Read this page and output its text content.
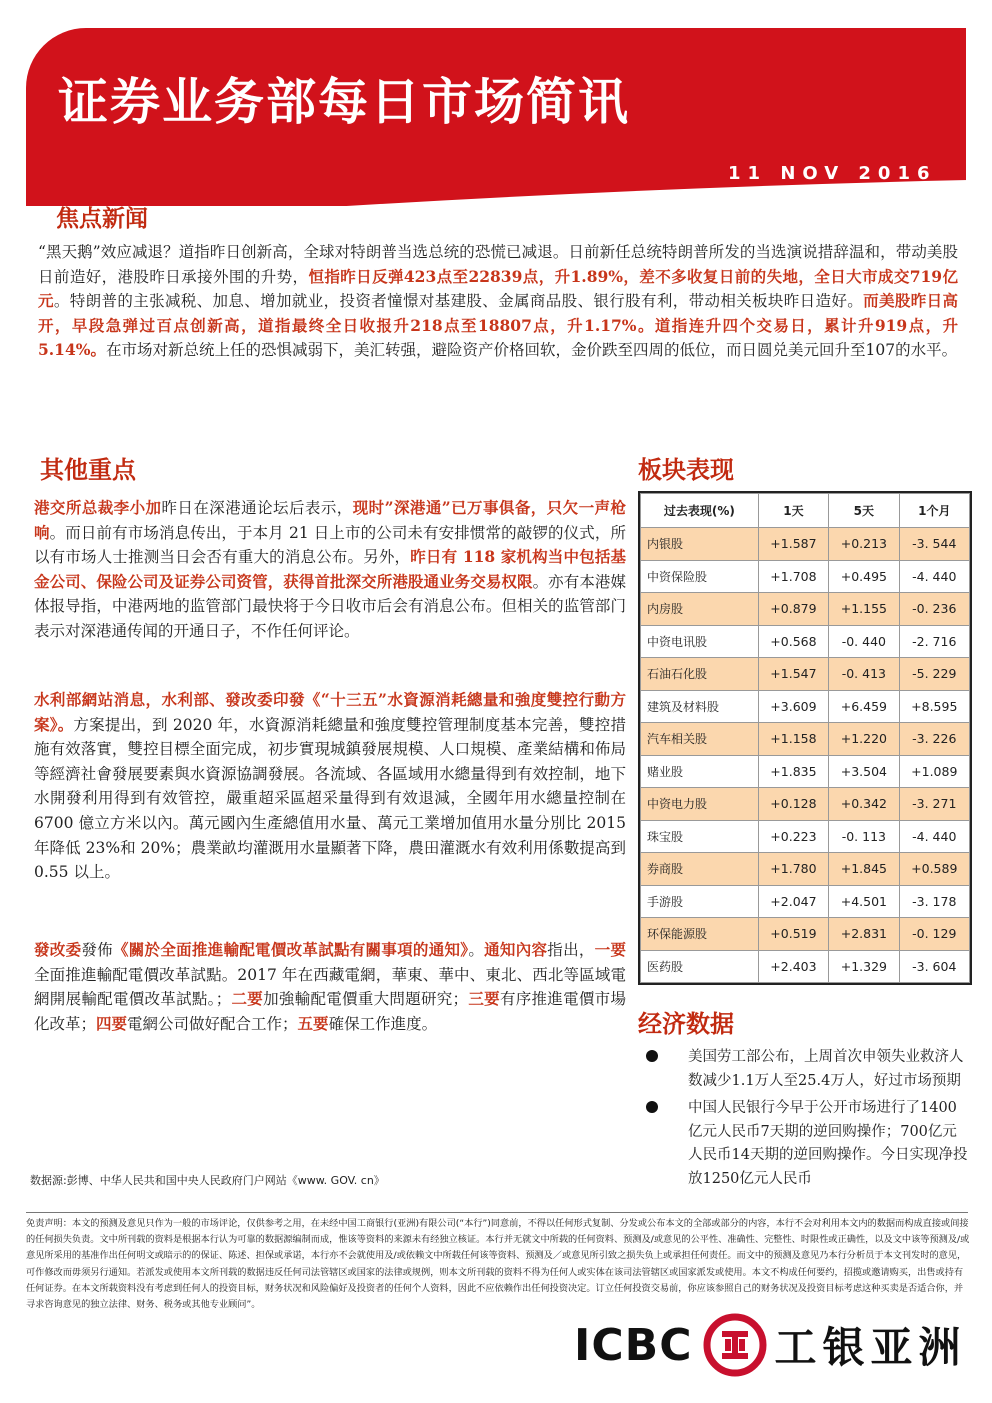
证券业务部每日市场简讯
11 NOV 2016
焦点新闻

“黑天鹅”效应减退？道指昨日创新高，全球对特朗普当选总统的恐慌已减退。日前新任总统特朗普所发的当选演说措辞温和，带动美股日前造好，港股昨日承接外围的升势，恒指昨日反弹423点至22839点，升1.89%，差不多收复日前的失地，全日大市成交719亿元。特朗普的主张减税、加息、增加就业，投资者憧憬对基建股、金属商品股、银行股有利，带动相关板块昨日造好。而美股昨日高开，早段急弹过百点创新高，道指最终全日收报升218点至18807点，升1.17%。道指连升四个交易日，累计升919点，升5.14%。在市场对新总统上任的恐惧减弱下，美汇转强，避险资产价格回软，金价跌至四周的低位，而日圆兑美元回升至107的水平。

其他重点

港交所总裁李小加昨日在深港通论坛后表示，现时”深港通”已万事俱备，只欠一声枪响。而日前有市场消息传出，于本月 21 日上市的公司未有安排惯常的敲锣的仪式，所以有市场人士推测当日会否有重大的消息公布。另外，昨日有 118 家机构当中包括基金公司、保险公司及证券公司资管，获得首批深交所港股通业务交易权限。亦有本港媒体报导指，中港两地的监管部门最快将于今日收市后会有消息公布。但相关的监管部门表示对深港通传闻的开通日子，不作任何评论。

水利部網站消息，水利部、發改委印發《“十三五”水資源消耗總量和強度雙控行動方案》。方案提出，到 2020 年，水資源消耗總量和強度雙控管理制度基本完善，雙控措施有效落實，雙控目標全面完成，初步實現城鎮發展規模、人口規模、產業結構和佈局等經濟社會發展要素與水資源協調發展。各流域、各區域用水總量得到有效控制，地下水開發利用得到有效管控，嚴重超采區超采量得到有效退減，全國年用水總量控制在 6700 億立方米以內。萬元國內生產總值用水量、萬元工業增加值用水量分別比 2015 年降低 23%和 20%；農業畝均灌溉用水量顯著下降，農田灌溉水有效利用係數提高到 0.55 以上。

發改委發佈《關於全面推進輸配電價改革試點有關事項的通知》。通知內容指出，一要全面推進輸配電價改革試點。2017 年在西藏電網，華東、華中、東北、西北等區域電網開展輸配電價改革試點。；二要加強輸配電價重大問題研究；三要有序推進電價市場化改革；四要電網公司做好配合工作；五要確保工作進度。

板块表现
过去表现(%)	1天	5天	1个月
内银股	+1.587	+0.213	-3. 544
中资保险股	+1.708	+0.495	-4. 440
内房股	+0.879	+1.155	-0. 236
中资电讯股	+0.568	-0. 440	-2. 716
石油石化股	+1.547	-0. 413	-5. 229
建筑及材料股	+3.609	+6.459	+8.595
汽车相关股	+1.158	+1.220	-3. 226
赌业股	+1.835	+3.504	+1.089
中资电力股	+0.128	+0.342	-3. 271
珠宝股	+0.223	-0. 113	-4. 440
券商股	+1.780	+1.845	+0.589
手游股	+2.047	+4.501	-3. 178
环保能源股	+0.519	+2.831	-0. 129
医药股	+2.403	+1.329	-3. 604
经济数据
美国劳工部公布，上周首次申领失业救济人数减少1.1万人至25.4万人，好过市场预期
中国人民银行今早于公开市场进行了1400亿元人民币7天期的逆回购操作；700亿元人民币14天期的逆回购操作。今日实现净投放1250亿元人民币
数据源:彭博、中华人民共和国中央人民政府门户网站《www. GOV. cn》

免责声明：本文的预测及意见只作为一般的市场评论，仅供参考之用，在未经中国工商银行(亚洲)有限公司(“本行”)同意前，不得以任何形式复制、分发或公布本文的全部或部分的内容，本行不会对利用本文内的数据而构成直接或间接的任何损失负责。文中所刊载的资料是根据本行认为可靠的数据源编制而成，惟该等资料的来源未有经独立核证。本行并无就文中所载的任何资料、预测及/或意见的公平性、准确性、完整性、时限性或正确性，以及文中该等预测及/或意见所采用的基准作出任何明文或暗示的的保证、陈述、担保或承诺，本行亦不会就使用及/或依赖文中所载任何该等资料、预测及／或意见所引致之损失负上或承担任何责任。而文中的预测及意见乃本行分析员于本文刊发时的意见，可作修改而毋须另行通知。若派发或使用本文所刊载的数据违反任何司法管辖区或国家的法律或规例，则本文所刊载的资料不得为任何人或实体在该司法管辖区或国家派发或使用。本文不构成任何要约，招揽或邀请购买，出售或持有任何证券。在本文所载资料没有考虑到任何人的投资目标，财务状况和风险偏好及投资者的任何个人资料，因此不应依赖作出任何投资决定。订立任何投资交易前，你应该参照自己的财务状况及投资目标考虑这种买卖是否适合你，并寻求咨询意见的独立法律、财务、税务或其他专业顾问”。

ICBC 工银亚洲
